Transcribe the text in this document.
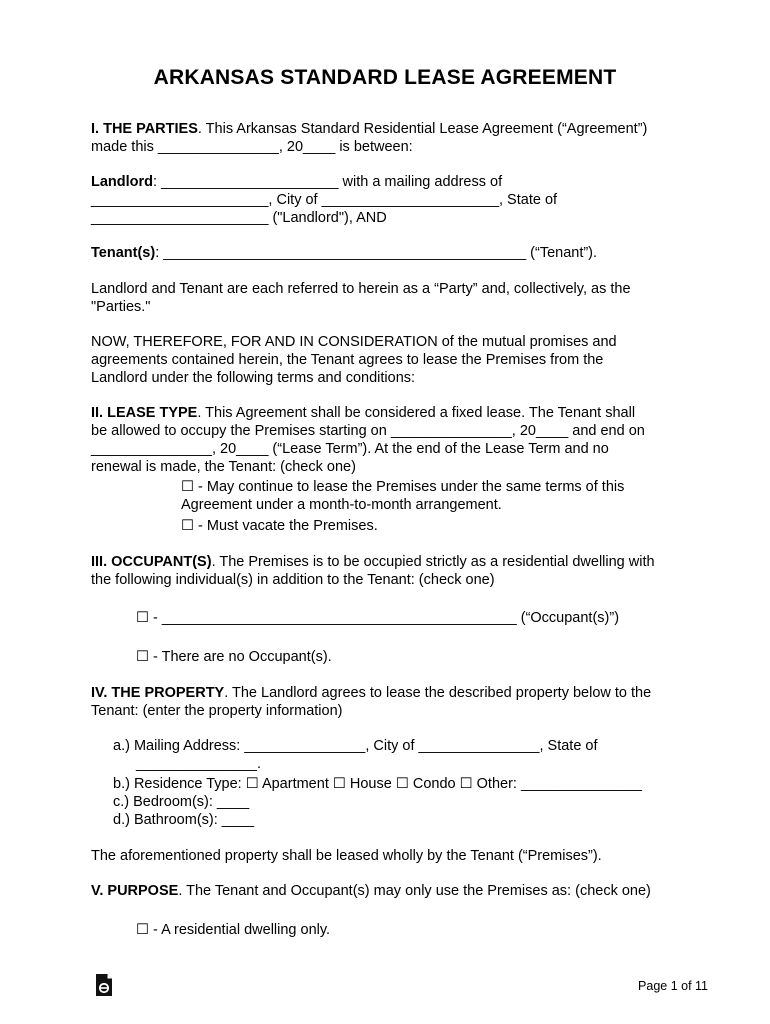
ARKANSAS STANDARD LEASE AGREEMENT
I. THE PARTIES. This Arkansas Standard Residential Lease Agreement (“Agreement”)
made this _______________, 20____ is between:
Landlord: ______________________ with a mailing address of
______________________, City of ______________________, State of
______________________ ("Landlord"), AND
Tenant(s): _____________________________________________ (“Tenant”).
Landlord and Tenant are each referred to herein as a “Party” and, collectively, as the
"Parties."
NOW, THEREFORE, FOR AND IN CONSIDERATION of the mutual promises and
agreements contained herein, the Tenant agrees to lease the Premises from the
Landlord under the following terms and conditions:
II. LEASE TYPE. This Agreement shall be considered a fixed lease. The Tenant shall
be allowed to occupy the Premises starting on _______________, 20____ and end on
_______________, 20____ (“Lease Term”). At the end of the Lease Term and no
renewal is made, the Tenant: (check one)
☐ - May continue to lease the Premises under the same terms of this
Agreement under a month-to-month arrangement.
☐ - Must vacate the Premises.
III. OCCUPANT(S). The Premises is to be occupied strictly as a residential dwelling with
the following individual(s) in addition to the Tenant: (check one)
☐ - ____________________________________________ (“Occupant(s)”)
☐ - There are no Occupant(s).
IV. THE PROPERTY. The Landlord agrees to lease the described property below to the
Tenant: (enter the property information)
a.) Mailing Address: _______________, City of _______________, State of
_______________.
b.) Residence Type: ☐ Apartment ☐ House ☐ Condo ☐ Other: _______________
c.) Bedroom(s): ____
d.) Bathroom(s): ____
The aforementioned property shall be leased wholly by the Tenant (“Premises”).
V. PURPOSE. The Tenant and Occupant(s) may only use the Premises as: (check one)
☐ - A residential dwelling only.
Page 1 of 11
